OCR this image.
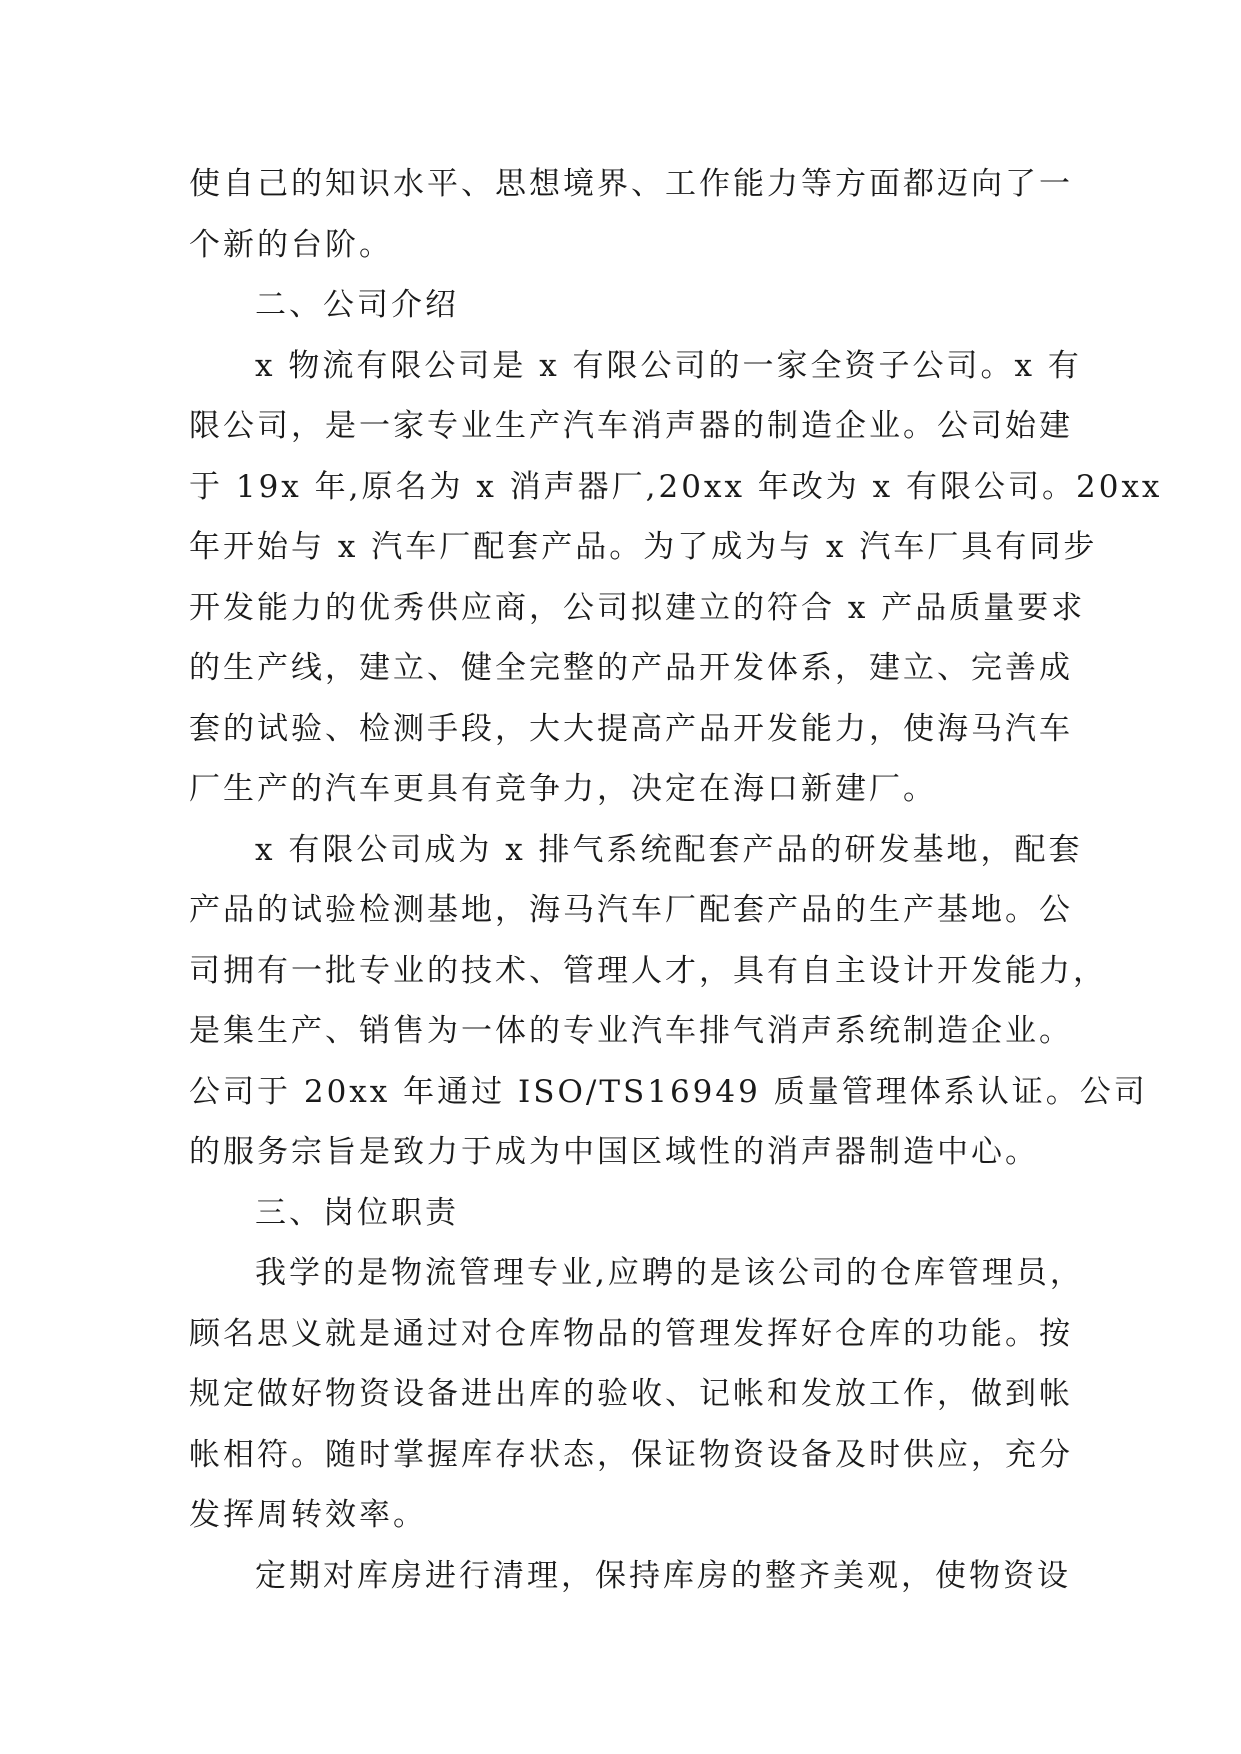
使自己的知识水平、思想境界、工作能力等方面都迈向了一
个新的台阶。
二、公司介绍
x 物流有限公司是 x 有限公司的一家全资子公司。x 有
限公司，是一家专业生产汽车消声器的制造企业。公司始建
于 19x 年,原名为 x 消声器厂,20xx 年改为 x 有限公司。20xx
年开始与 x 汽车厂配套产品。为了成为与 x 汽车厂具有同步
开发能力的优秀供应商，公司拟建立的符合 x 产品质量要求
的生产线，建立、健全完整的产品开发体系，建立、完善成
套的试验、检测手段，大大提高产品开发能力，使海马汽车
厂生产的汽车更具有竞争力，决定在海口新建厂。
x 有限公司成为 x 排气系统配套产品的研发基地，配套
产品的试验检测基地，海马汽车厂配套产品的生产基地。公
司拥有一批专业的技术、管理人才，具有自主设计开发能力，
是集生产、销售为一体的专业汽车排气消声系统制造企业。
公司于 20xx 年通过 ISO/TS16949 质量管理体系认证。公司
的服务宗旨是致力于成为中国区域性的消声器制造中心。
三、岗位职责
我学的是物流管理专业,应聘的是该公司的仓库管理员，
顾名思义就是通过对仓库物品的管理发挥好仓库的功能。按
规定做好物资设备进出库的验收、记帐和发放工作，做到帐
帐相符。随时掌握库存状态，保证物资设备及时供应，充分
发挥周转效率。
定期对库房进行清理，保持库房的整齐美观，使物资设
